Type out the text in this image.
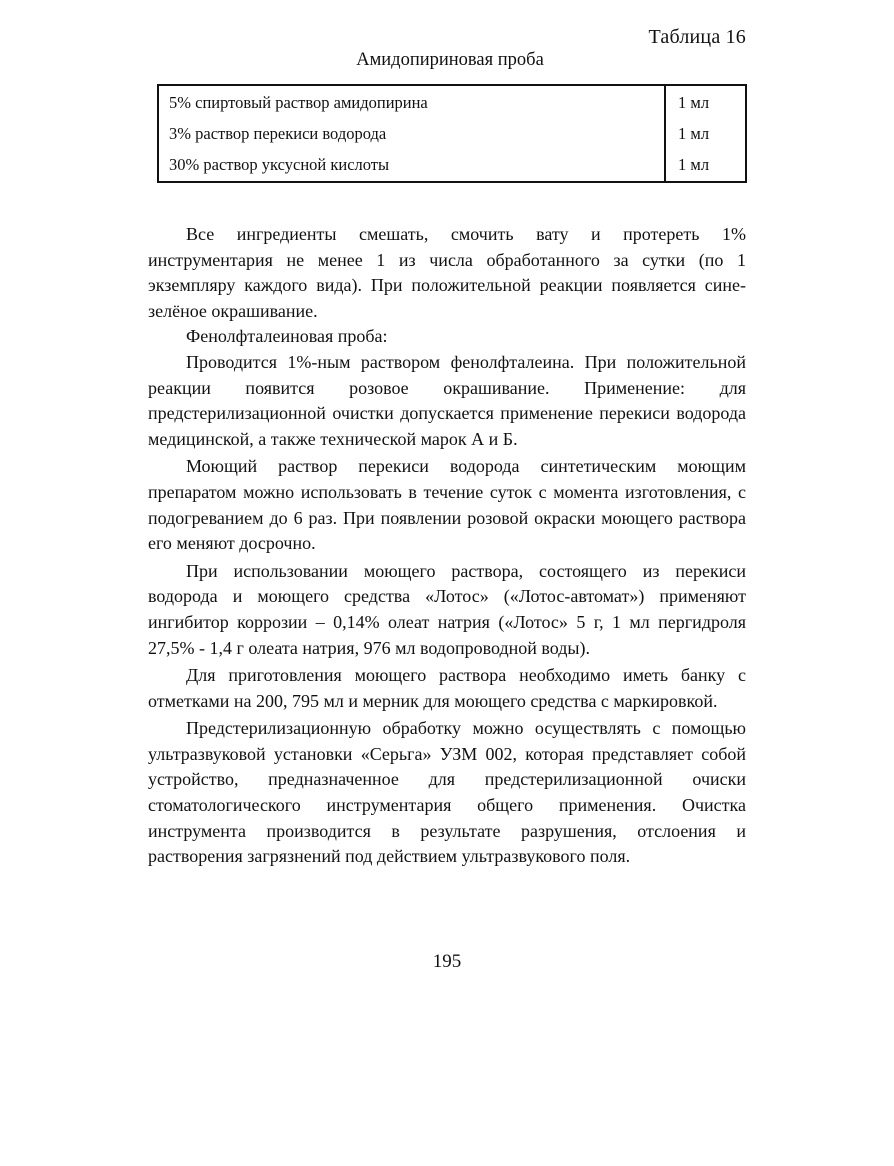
Таблица 16
Амидопириновая проба
5% спиртовый раствор амидопирина	1 мл
3% раствор перекиси водорода	1 мл
30% раствор уксусной кислоты	1 мл

Все ингредиенты смешать, смочить вату и протереть 1% инструментария не менее 1 из числа обработанного за сутки (по 1 экземпляру каждого вида). При положительной реакции появляется сине-зелёное окрашивание.

Фенолфталеиновая проба:

Проводится 1%-ным раствором фенолфталеина. При положительной реакции появится розовое окрашивание. Применение: для предстерилизационной очистки допускается применение перекиси водорода медицинской, а также технической марок А и Б.

Моющий раствор перекиси водорода синтетическим моющим препаратом можно использовать в течение суток с момента изготовления, с подогреванием до 6 раз. При появлении розовой окраски моющего раствора его меняют досрочно.

При использовании моющего раствора, состоящего из перекиси водорода и моющего средства «Лотос» («Лотос-автомат») применяют ингибитор коррозии – 0,14% олеат натрия («Лотос» 5 г, 1 мл пергидроля 27,5% - 1,4 г олеата натрия, 976 мл водопроводной воды).

Для приготовления моющего раствора необходимо иметь банку с отметками на 200, 795 мл и мерник для моющего средства с маркировкой.

Предстерилизационную обработку можно осуществлять с помощью ультразвуковой установки «Серьга» УЗМ 002, которая представляет собой устройство, предназначенное для предстерилизационной очиски стоматологического инструментария общего применения. Очистка инструмента производится в результате разрушения, отслоения и растворения загрязнений под действием ультразвукового поля.

195
